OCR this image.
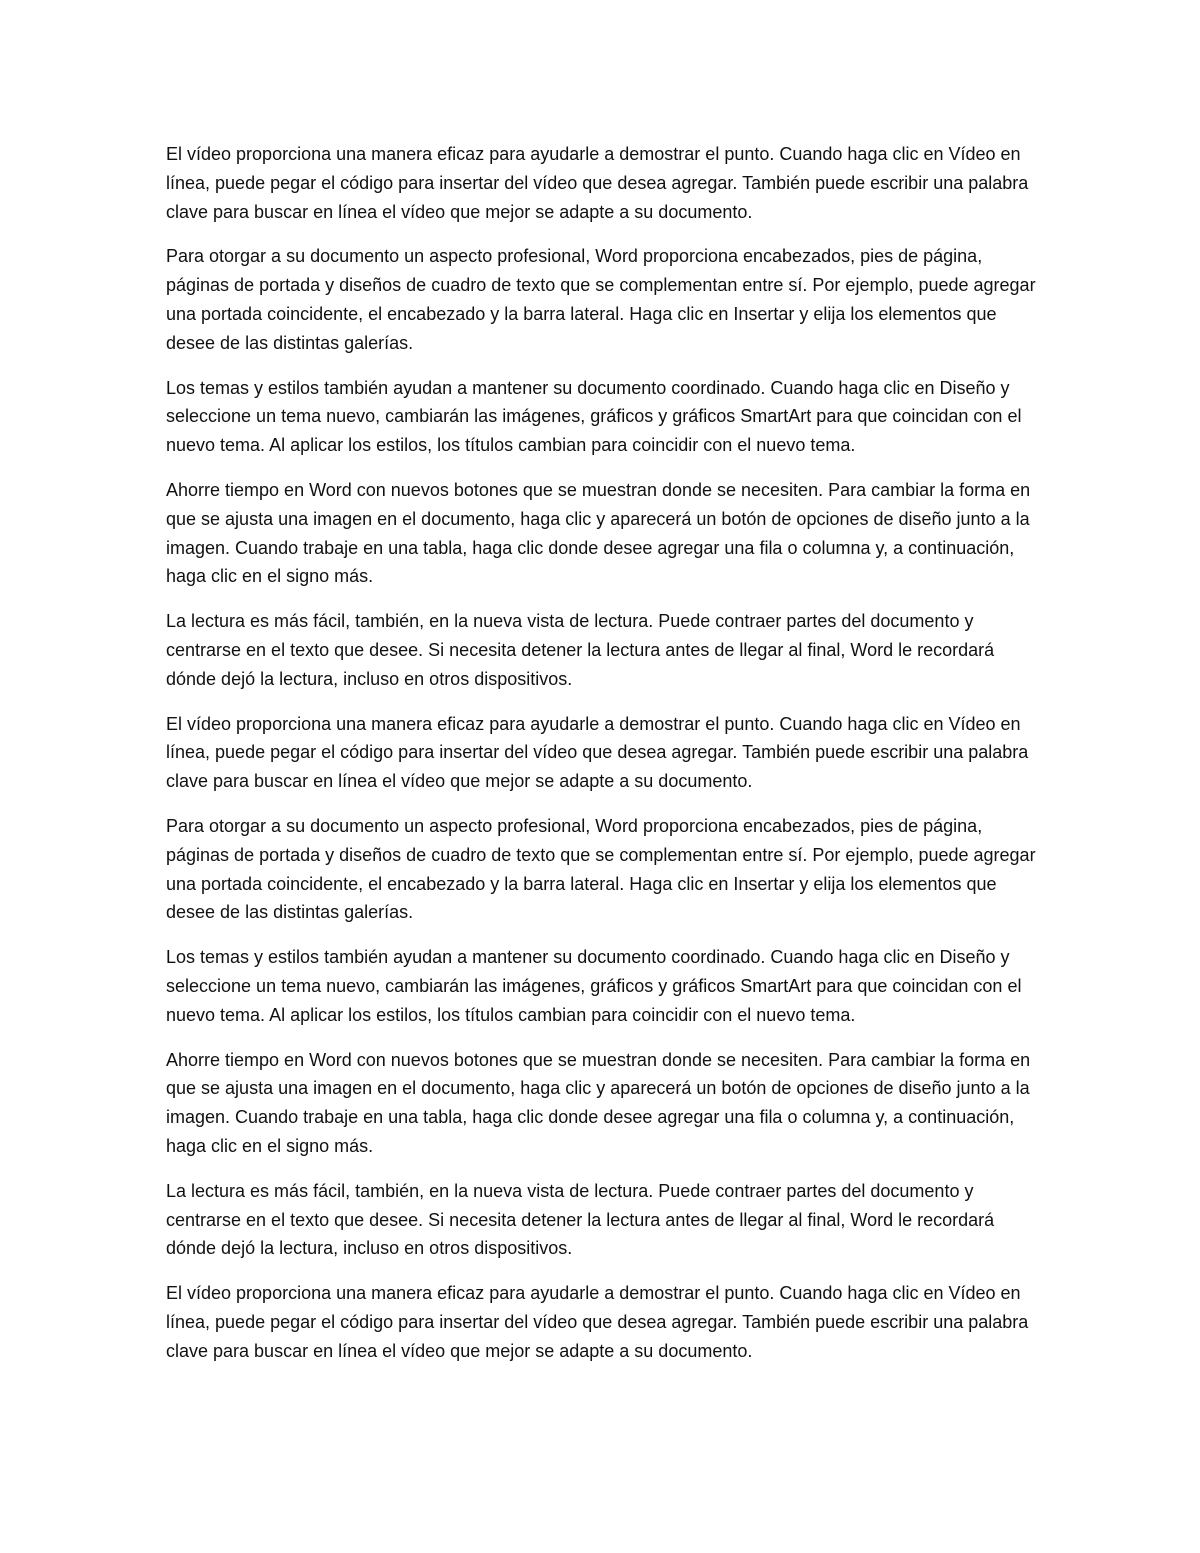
El vídeo proporciona una manera eficaz para ayudarle a demostrar el punto. Cuando haga clic en Vídeo en línea, puede pegar el código para insertar del vídeo que desea agregar. También puede escribir una palabra clave para buscar en línea el vídeo que mejor se adapte a su documento.

Para otorgar a su documento un aspecto profesional, Word proporciona encabezados, pies de página, páginas de portada y diseños de cuadro de texto que se complementan entre sí. Por ejemplo, puede agregar una portada coincidente, el encabezado y la barra lateral. Haga clic en Insertar y elija los elementos que desee de las distintas galerías.

Los temas y estilos también ayudan a mantener su documento coordinado. Cuando haga clic en Diseño y seleccione un tema nuevo, cambiarán las imágenes, gráficos y gráficos SmartArt para que coincidan con el nuevo tema. Al aplicar los estilos, los títulos cambian para coincidir con el nuevo tema.

Ahorre tiempo en Word con nuevos botones que se muestran donde se necesiten. Para cambiar la forma en que se ajusta una imagen en el documento, haga clic y aparecerá un botón de opciones de diseño junto a la imagen. Cuando trabaje en una tabla, haga clic donde desee agregar una fila o columna y, a continuación, haga clic en el signo más.

La lectura es más fácil, también, en la nueva vista de lectura. Puede contraer partes del documento y centrarse en el texto que desee. Si necesita detener la lectura antes de llegar al final, Word le recordará dónde dejó la lectura, incluso en otros dispositivos.

El vídeo proporciona una manera eficaz para ayudarle a demostrar el punto. Cuando haga clic en Vídeo en línea, puede pegar el código para insertar del vídeo que desea agregar. También puede escribir una palabra clave para buscar en línea el vídeo que mejor se adapte a su documento.

Para otorgar a su documento un aspecto profesional, Word proporciona encabezados, pies de página, páginas de portada y diseños de cuadro de texto que se complementan entre sí. Por ejemplo, puede agregar una portada coincidente, el encabezado y la barra lateral. Haga clic en Insertar y elija los elementos que desee de las distintas galerías.

Los temas y estilos también ayudan a mantener su documento coordinado. Cuando haga clic en Diseño y seleccione un tema nuevo, cambiarán las imágenes, gráficos y gráficos SmartArt para que coincidan con el nuevo tema. Al aplicar los estilos, los títulos cambian para coincidir con el nuevo tema.

Ahorre tiempo en Word con nuevos botones que se muestran donde se necesiten. Para cambiar la forma en que se ajusta una imagen en el documento, haga clic y aparecerá un botón de opciones de diseño junto a la imagen. Cuando trabaje en una tabla, haga clic donde desee agregar una fila o columna y, a continuación, haga clic en el signo más.

La lectura es más fácil, también, en la nueva vista de lectura. Puede contraer partes del documento y centrarse en el texto que desee. Si necesita detener la lectura antes de llegar al final, Word le recordará dónde dejó la lectura, incluso en otros dispositivos.

El vídeo proporciona una manera eficaz para ayudarle a demostrar el punto. Cuando haga clic en Vídeo en línea, puede pegar el código para insertar del vídeo que desea agregar. También puede escribir una palabra clave para buscar en línea el vídeo que mejor se adapte a su documento.
